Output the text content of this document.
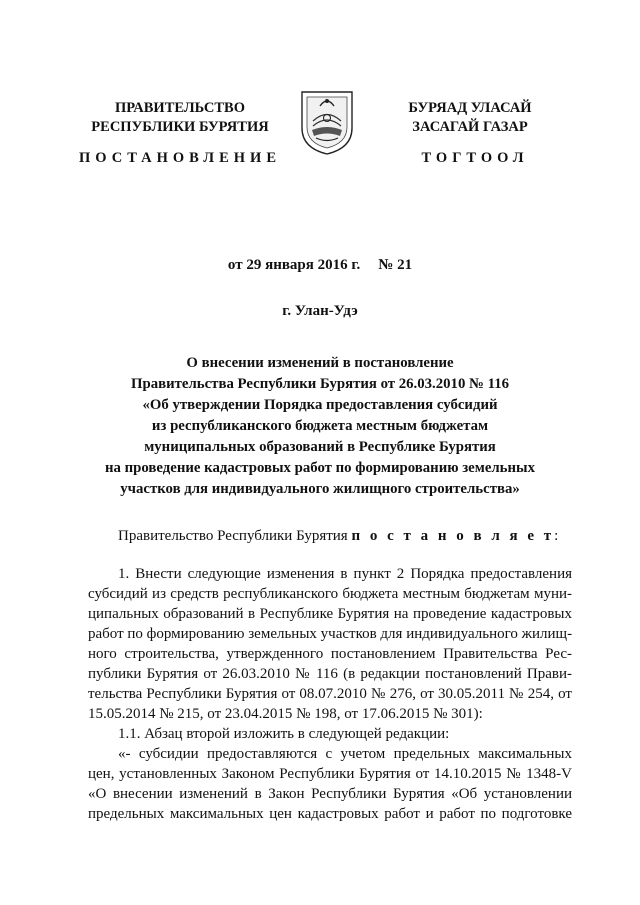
ПРАВИТЕЛЬСТВО
РЕСПУБЛИКИ БУРЯТИЯ
БУРЯАД УЛАСАЙ
ЗАСАГАЙ ГАЗАР
ПОСТАНОВЛЕНИЕ	ТОГТООЛ
от 29 января 2016 г. № 21
г. Улан-Удэ
О внесении изменений в постановление
Правительства Республики Бурятия от 26.03.2010 № 116
«Об утверждении Порядка предоставления субсидий
из республиканского бюджета местным бюджетам
муниципальных образований в Республике Бурятия
на проведение кадастровых работ по формированию земельных
участков для индивидуального жилищного строительства»
Правительство Республики Бурятия п о с т а н о в л я е т:
1. Внести следующие изменения в пункт 2 Порядка предоставления
субсидий из средств республиканского бюджета местным бюджетам муни-
ципальных образований в Республике Бурятия на проведение кадастровых
работ по формированию земельных участков для индивидуального жилищ-
ного строительства, утвержденного постановлением Правительства Рес-
публики Бурятия от 26.03.2010 № 116 (в редакции постановлений Прави-
тельства Республики Бурятия от 08.07.2010 № 276, от 30.05.2011 № 254, от
15.05.2014 № 215, от 23.04.2015 № 198, от 17.06.2015 № 301):
1.1. Абзац второй изложить в следующей редакции:
«- субсидии предоставляются с учетом предельных максимальных
цен, установленных Законом Республики Бурятия от 14.10.2015 № 1348-V
«О внесении изменений в Закон Республики Бурятия «Об установлении
предельных максимальных цен кадастровых работ и работ по подготовке
